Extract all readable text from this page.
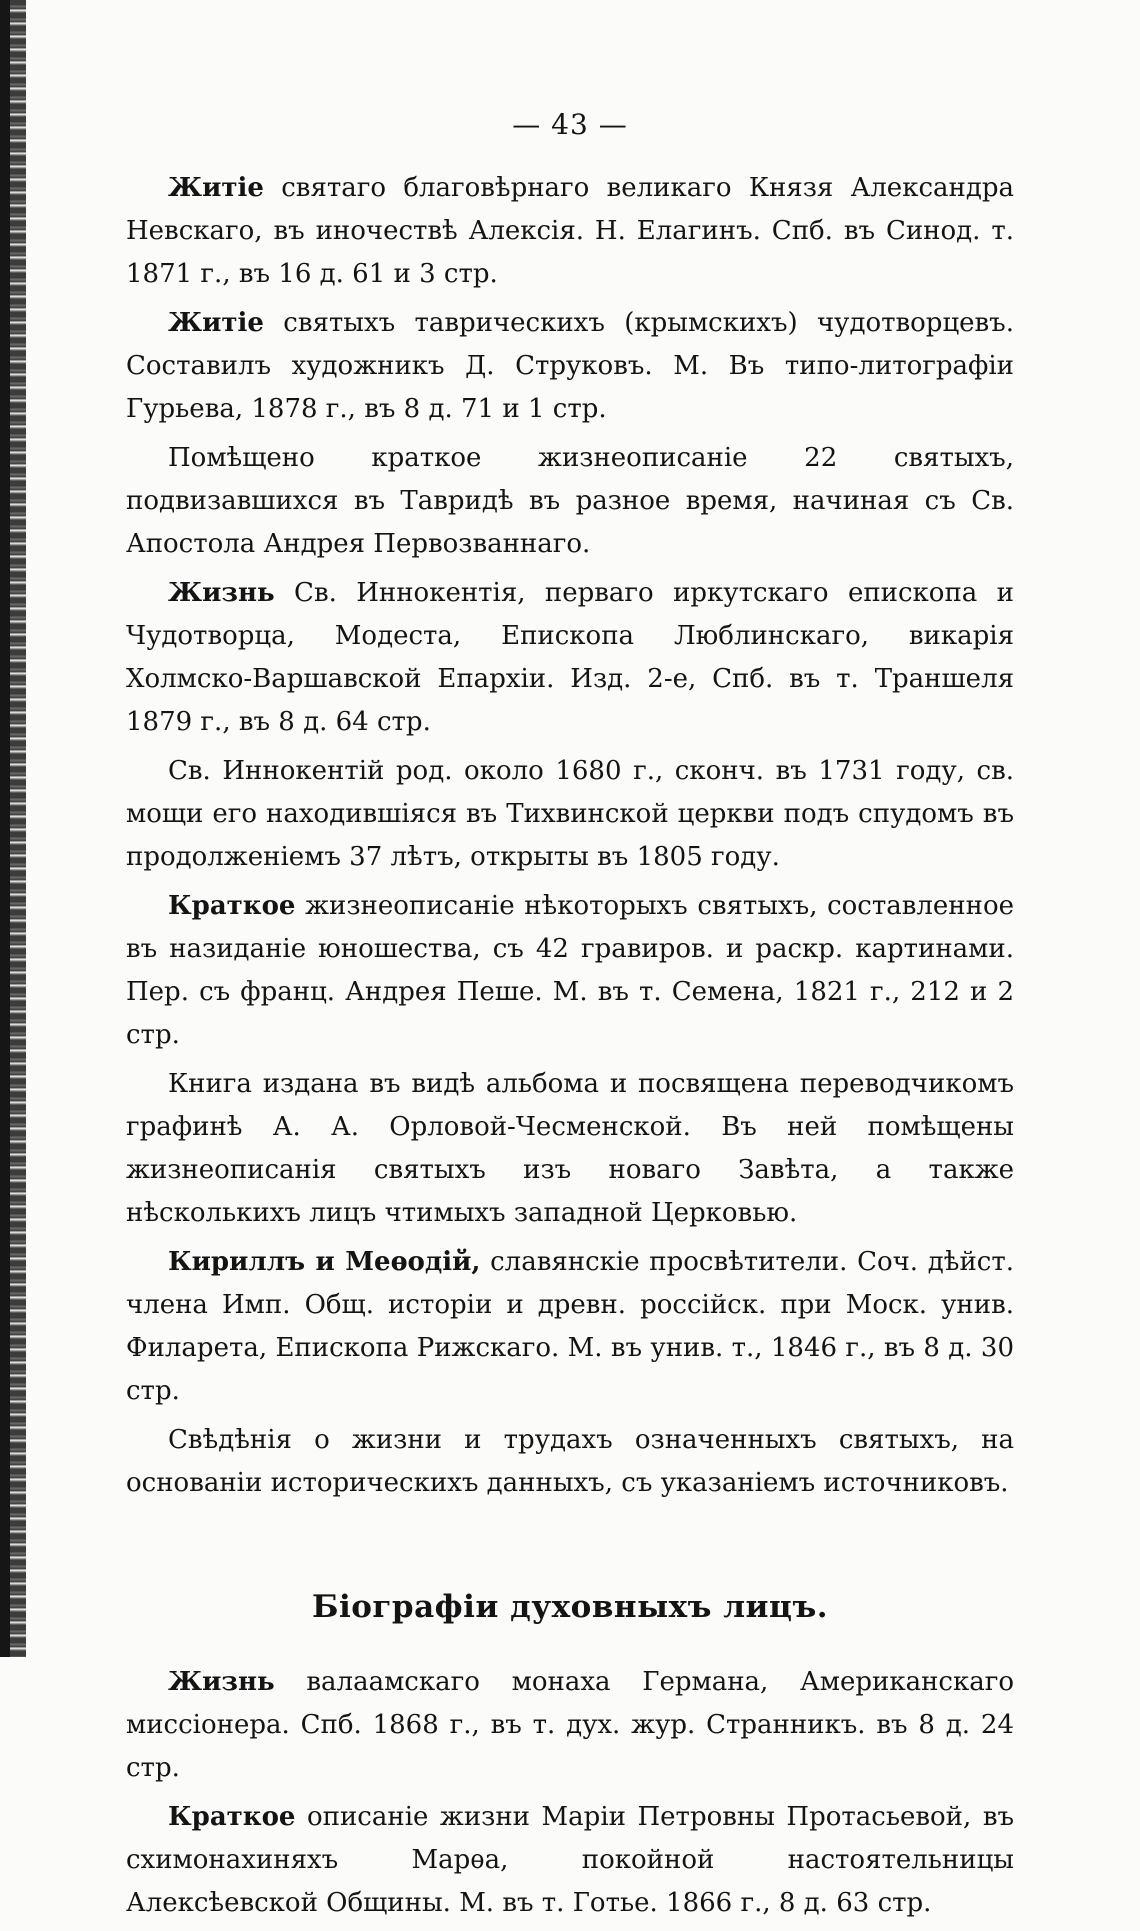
— 43 —

Житіе святаго благовѣрнаго великаго Князя Александра Невскаго, въ иночествѣ Алексія. Н. Елагинъ. Спб. въ Синод. т. 1871 г., въ 16 д. 61 и 3 стр.

Житіе святыхъ таврическихъ (крымскихъ) чудотворцевъ. Составилъ художникъ Д. Струковъ. М. Въ типо-литографіи Гурьева, 1878 г., въ 8 д. 71 и 1 стр.

Помѣщено краткое жизнеописаніе 22 святыхъ, подвизавшихся въ Тавридѣ въ разное время, начиная съ Св. Апостола Андрея Первозваннаго.

Жизнь Св. Иннокентія, перваго иркутскаго епископа и Чудотворца, Модеста, Епископа Люблинскаго, викарія Холмско-Варшавской Епархіи. Изд. 2-е, Спб. въ т. Траншеля 1879 г., въ 8 д. 64 стр.

Св. Иннокентій род. около 1680 г., сконч. въ 1731 году, св. мощи его находившіяся въ Тихвинской церкви подъ спудомъ въ продолженіемъ 37 лѣтъ, открыты въ 1805 году.

Краткое жизнеописаніе нѣкоторыхъ святыхъ, составленное въ назиданіе юношества, съ 42 гравиров. и раскр. картинами. Пер. съ франц. Андрея Пеше. М. въ т. Семена, 1821 г., 212 и 2 стр.

Книга издана въ видѣ альбома и посвящена переводчикомъ графинѣ А. А. Орловой-Чесменской. Въ ней помѣщены жизнеописанія святыхъ изъ новаго Завѣта, а также нѣсколькихъ лицъ чтимыхъ западной Церковью.

Кириллъ и Меѳодій, славянскіе просвѣтители. Соч. дѣйст. члена Имп. Общ. исторіи и древн. россійск. при Моск. унив. Филарета, Епископа Рижскаго. М. въ унив. т., 1846 г., въ 8 д. 30 стр.

Свѣдѣнія о жизни и трудахъ означенныхъ святыхъ, на основаніи историческихъ данныхъ, съ указаніемъ источниковъ.

Біографіи духовныхъ лицъ.

Жизнь валаамскаго монаха Германа, Американскаго миссіонера. Спб. 1868 г., въ т. дух. жур. Странникъ. въ 8 д. 24 стр.

Краткое описаніе жизни Маріи Петровны Протасьевой, въ схимонахиняхъ Марѳа, покойной настоятельницы Алексѣевской Общины. М. въ т. Готье. 1866 г., 8 д. 63 стр.
